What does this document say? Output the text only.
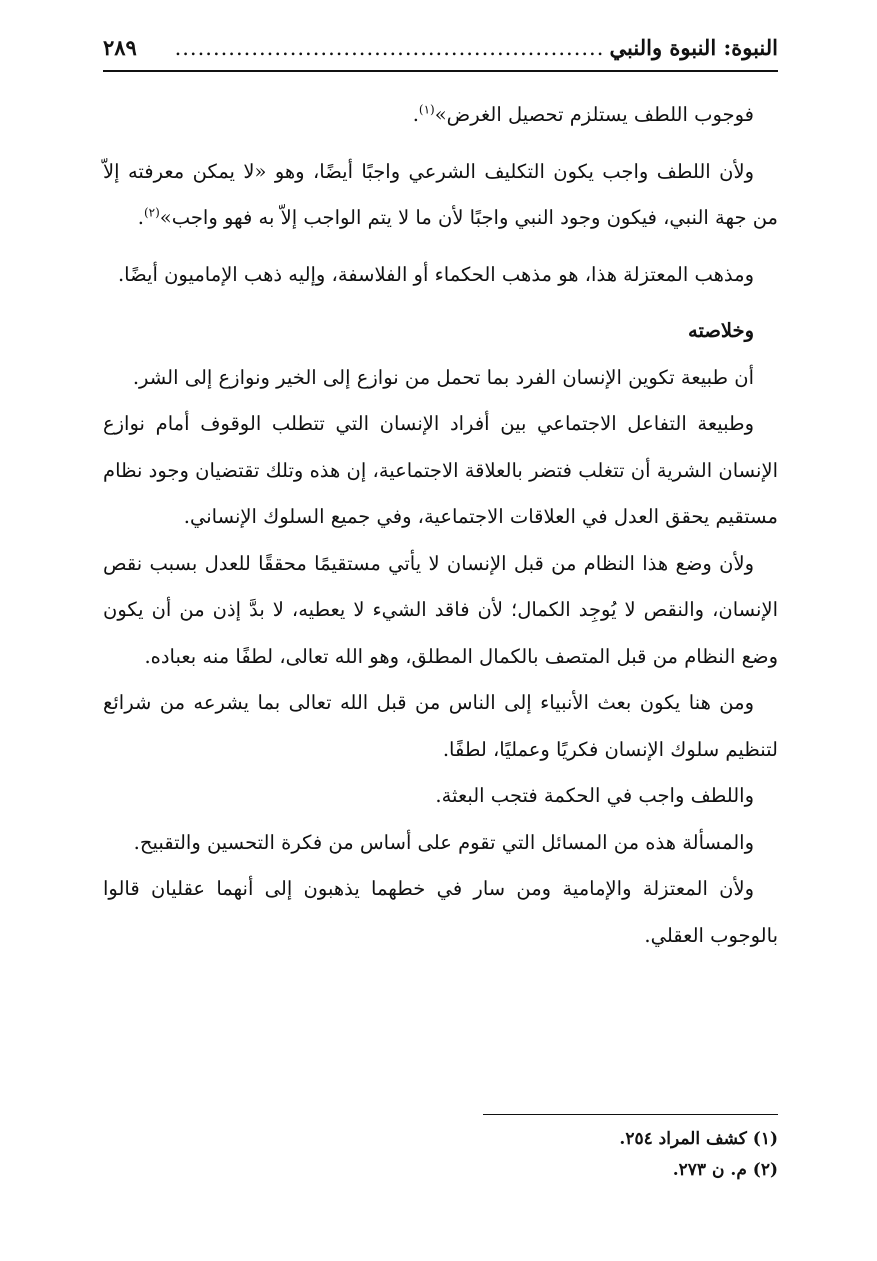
النبوة: النبوة والنبي
........................................................
٢٨٩

فوجوب اللطف يستلزم تحصيل الغرض»$^{(١)}$.

ولأن اللطف واجب يكون التكليف الشرعي واجبًا أيضًا، وهو «لا يمكن معرفته إلاّ من جهة النبي، فيكون وجود النبي واجبًا لأن ما لا يتم الواجب إلاّ به فهو واجب»$^{(٢)}$.

ومذهب المعتزلة هذا، هو مذهب الحكماء أو الفلاسفة، وإليه ذهب الإماميون أيضًا.

وخلاصته

أن طبيعة تكوين الإنسان الفرد بما تحمل من نوازع إلى الخير ونوازع إلى الشر.

وطبيعة التفاعل الاجتماعي بين أفراد الإنسان التي تتطلب الوقوف أمام نوازع الإنسان الشرية أن تتغلب فتضر بالعلاقة الاجتماعية، إن هذه وتلك تقتضيان وجود نظام مستقيم يحقق العدل في العلاقات الاجتماعية، وفي جميع السلوك الإنساني.

ولأن وضع هذا النظام من قبل الإنسان لا يأتي مستقيمًا محققًا للعدل بسبب نقص الإنسان، والنقص لا يُوجِد الكمال؛ لأن فاقد الشيء لا يعطيه، لا بدَّ إذن من أن يكون وضع النظام من قبل المتصف بالكمال المطلق، وهو الله تعالى، لطفًا منه بعباده.

ومن هنا يكون بعث الأنبياء إلى الناس من قبل الله تعالى بما يشرعه من شرائع لتنظيم سلوك الإنسان فكريًا وعمليًا، لطفًا.

واللطف واجب في الحكمة فتجب البعثة.

والمسألة هذه من المسائل التي تقوم على أساس من فكرة التحسين والتقبيح.

ولأن المعتزلة والإمامية ومن سار في خطهما يذهبون إلى أنهما عقليان قالوا بالوجوب العقلي.

(١) كشف المراد ٢٥٤.
(٢) م. ن ٢٧٣.
